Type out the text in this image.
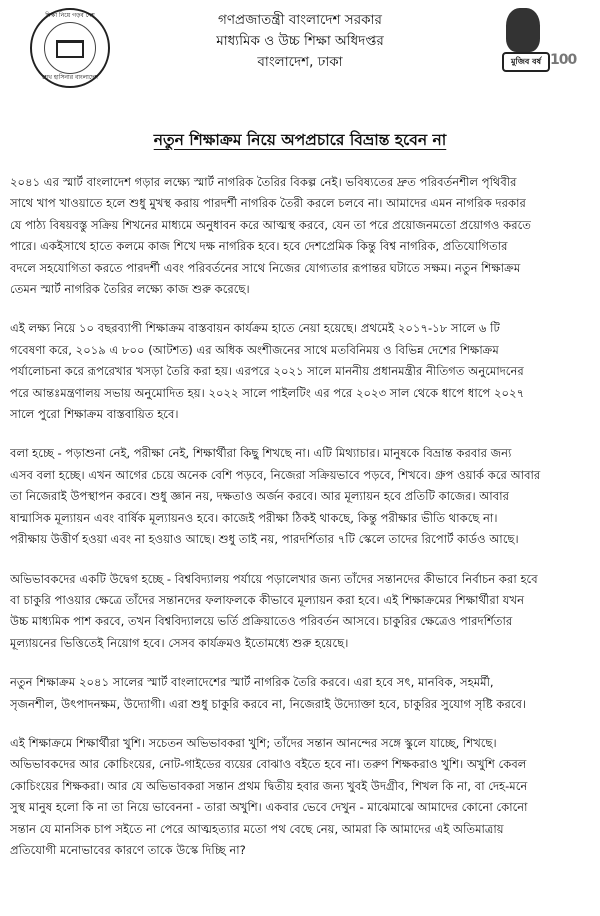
শিক্ষা নিয়ে গড়ব দেশ
শেখ হাসিনার বাংলাদেশ
গণপ্রজাতন্ত্রী বাংলাদেশ সরকার
মাধ্যমিক ও উচ্চ শিক্ষা অধিদপ্তর
বাংলাদেশ, ঢাকা	মুজিব বর্ষ 100
নতুন শিক্ষাক্রম নিয়ে অপপ্রচারে বিভ্রান্ত হবেন না

২০৪১ এর স্মার্ট বাংলাদেশ গড়ার লক্ষ্যে স্মার্ট নাগরিক তৈরির বিকল্প নেই। ভবিষ্যতের দ্রুত পরিবর্তনশীল পৃথিবীর
সাথে খাপ খাওয়াতে হলে শুধু মুখস্থ করায় পারদর্শী নাগরিক তৈরী করলে চলবে না। আমাদের এমন নাগরিক দরকার
যে পাঠ্য বিষয়বস্তু সক্রিয় শিখনের মাধ্যমে অনুধাবন করে আত্মস্থ করবে, যেন তা পরে প্রয়োজনমতো প্রয়োগও করতে
পারে। একইসাথে হাতে কলমে কাজ শিখে দক্ষ নাগরিক হবে। হবে দেশপ্রেমিক কিন্তু বিশ্ব নাগরিক, প্রতিযোগিতার
বদলে সহযোগিতা করতে পারদর্শী এবং পরিবর্তনের সাথে নিজের যোগ্যতার রূপান্তর ঘটাতে সক্ষম। নতুন শিক্ষাক্রম
তেমন স্মার্ট নাগরিক তৈরির লক্ষ্যে কাজ শুরু করেছে।

এই লক্ষ্য নিয়ে ১০ বছরব্যাপী শিক্ষাক্রম বাস্তবায়ন কার্যক্রম হাতে নেয়া হয়েছে। প্রথমেই ২০১৭-১৮ সালে ৬ টি
গবেষণা করে, ২০১৯ এ ৮০০ (আটশত) এর অধিক অংশীজনের সাথে মতবিনিময় ও বিভিন্ন দেশের শিক্ষাক্রম
পর্যালোচনা করে রূপরেখার খসড়া তৈরি করা হয়। এরপরে ২০২১ সালে মাননীয় প্রধানমন্ত্রীর নীতিগত অনুমোদনের
পরে আন্তঃমন্ত্রণালয় সভায় অনুমোদিত হয়। ২০২২ সালে পাইলটিং এর পরে ২০২৩ সাল থেকে ধাপে ধাপে ২০২৭
সালে পুরো শিক্ষাক্রম বাস্তবায়িত হবে।

বলা হচ্ছে - পড়াশুনা নেই, পরীক্ষা নেই, শিক্ষার্থীরা কিছু শিখছে না। এটি মিথ্যাচার। মানুষকে বিভ্রান্ত করবার জন্য
এসব বলা হচ্ছে। এখন আগের চেয়ে অনেক বেশি পড়বে, নিজেরা সক্রিয়ভাবে পড়বে, শিখবে। গ্রুপ ওয়ার্ক করে আবার
তা নিজেরাই উপস্থাপন করবে। শুধু জ্ঞান নয়, দক্ষতাও অর্জন করবে। আর মূল্যায়ন হবে প্রতিটি কাজের। আবার
ষান্মাসিক মূল্যায়ন এবং বার্ষিক মূল্যায়নও হবে। কাজেই পরীক্ষা ঠিকই থাকছে, কিন্তু পরীক্ষার ভীতি থাকছে না।
পরীক্ষায় উত্তীর্ণ হওয়া এবং না হওয়াও আছে। শুধু তাই নয়, পারদর্শিতার ৭টি স্কেলে তাদের রিপোর্ট কার্ডও আছে।

অভিভাবকদের একটি উদ্বেগ হচ্ছে - বিশ্ববিদ্যালয় পর্যায়ে পড়ালেখার জন্য তাঁদের সন্তানদের কীভাবে নির্বাচন করা হবে
বা চাকুরি পাওয়ার ক্ষেত্রে তাঁদের সন্তানদের ফলাফলকে কীভাবে মূল্যায়ন করা হবে। এই শিক্ষাক্রমের শিক্ষার্থীরা যখন
উচ্চ মাধ্যমিক পাশ করবে, তখন বিশ্ববিদ্যালয়ে ভর্তি প্রক্রিয়াতেও পরিবর্তন আসবে। চাকুরির ক্ষেত্রেও পারদর্শিতার
মূল্যায়নের ভিত্তিতেই নিয়োগ হবে। সেসব কার্যক্রমও ইতোমধ্যে শুরু হয়েছে।

নতুন শিক্ষাক্রম ২০৪১ সালের স্মার্ট বাংলাদেশের স্মার্ট নাগরিক তৈরি করবে। এরা হবে সৎ, মানবিক, সহমর্মী,
সৃজনশীল, উৎপাদনক্ষম, উদ্যোগী। এরা শুধু চাকুরি করবে না, নিজেরাই উদ্যোক্তা হবে, চাকুরির সুযোগ সৃষ্টি করবে।

এই শিক্ষাক্রমে শিক্ষার্থীরা খুশি। সচেতন অভিভাবকরা খুশি; তাঁদের সন্তান আনন্দের সঙ্গে স্কুলে যাচ্ছে, শিখছে।
অভিভাবকদের আর কোচিংয়ের, নোট-গাইডের ব্যয়ের বোঝাও বইতে হবে না। তরুণ শিক্ষকরাও খুশি। অখুশি কেবল
কোচিংয়ের শিক্ষকরা। আর যে অভিভাবকরা সন্তান প্রথম দ্বিতীয় হবার জন্য খুবই উদগ্রীব, শিখল কি না, বা দেহ-মনে
সুস্থ মানুষ হলো কি না তা নিয়ে ভাবেননা - তারা অখুশি। একবার ভেবে দেখুন - মাঝেমাঝে আমাদের কোনো কোনো
সন্তান যে মানসিক চাপ সইতে না পেরে আত্মহত্যার মতো পথ বেছে নেয়, আমরা কি আমাদের এই অতিমাত্রায়
প্রতিযোগী মনোভাবের কারণে তাকে উস্কে দিচ্ছি না?
